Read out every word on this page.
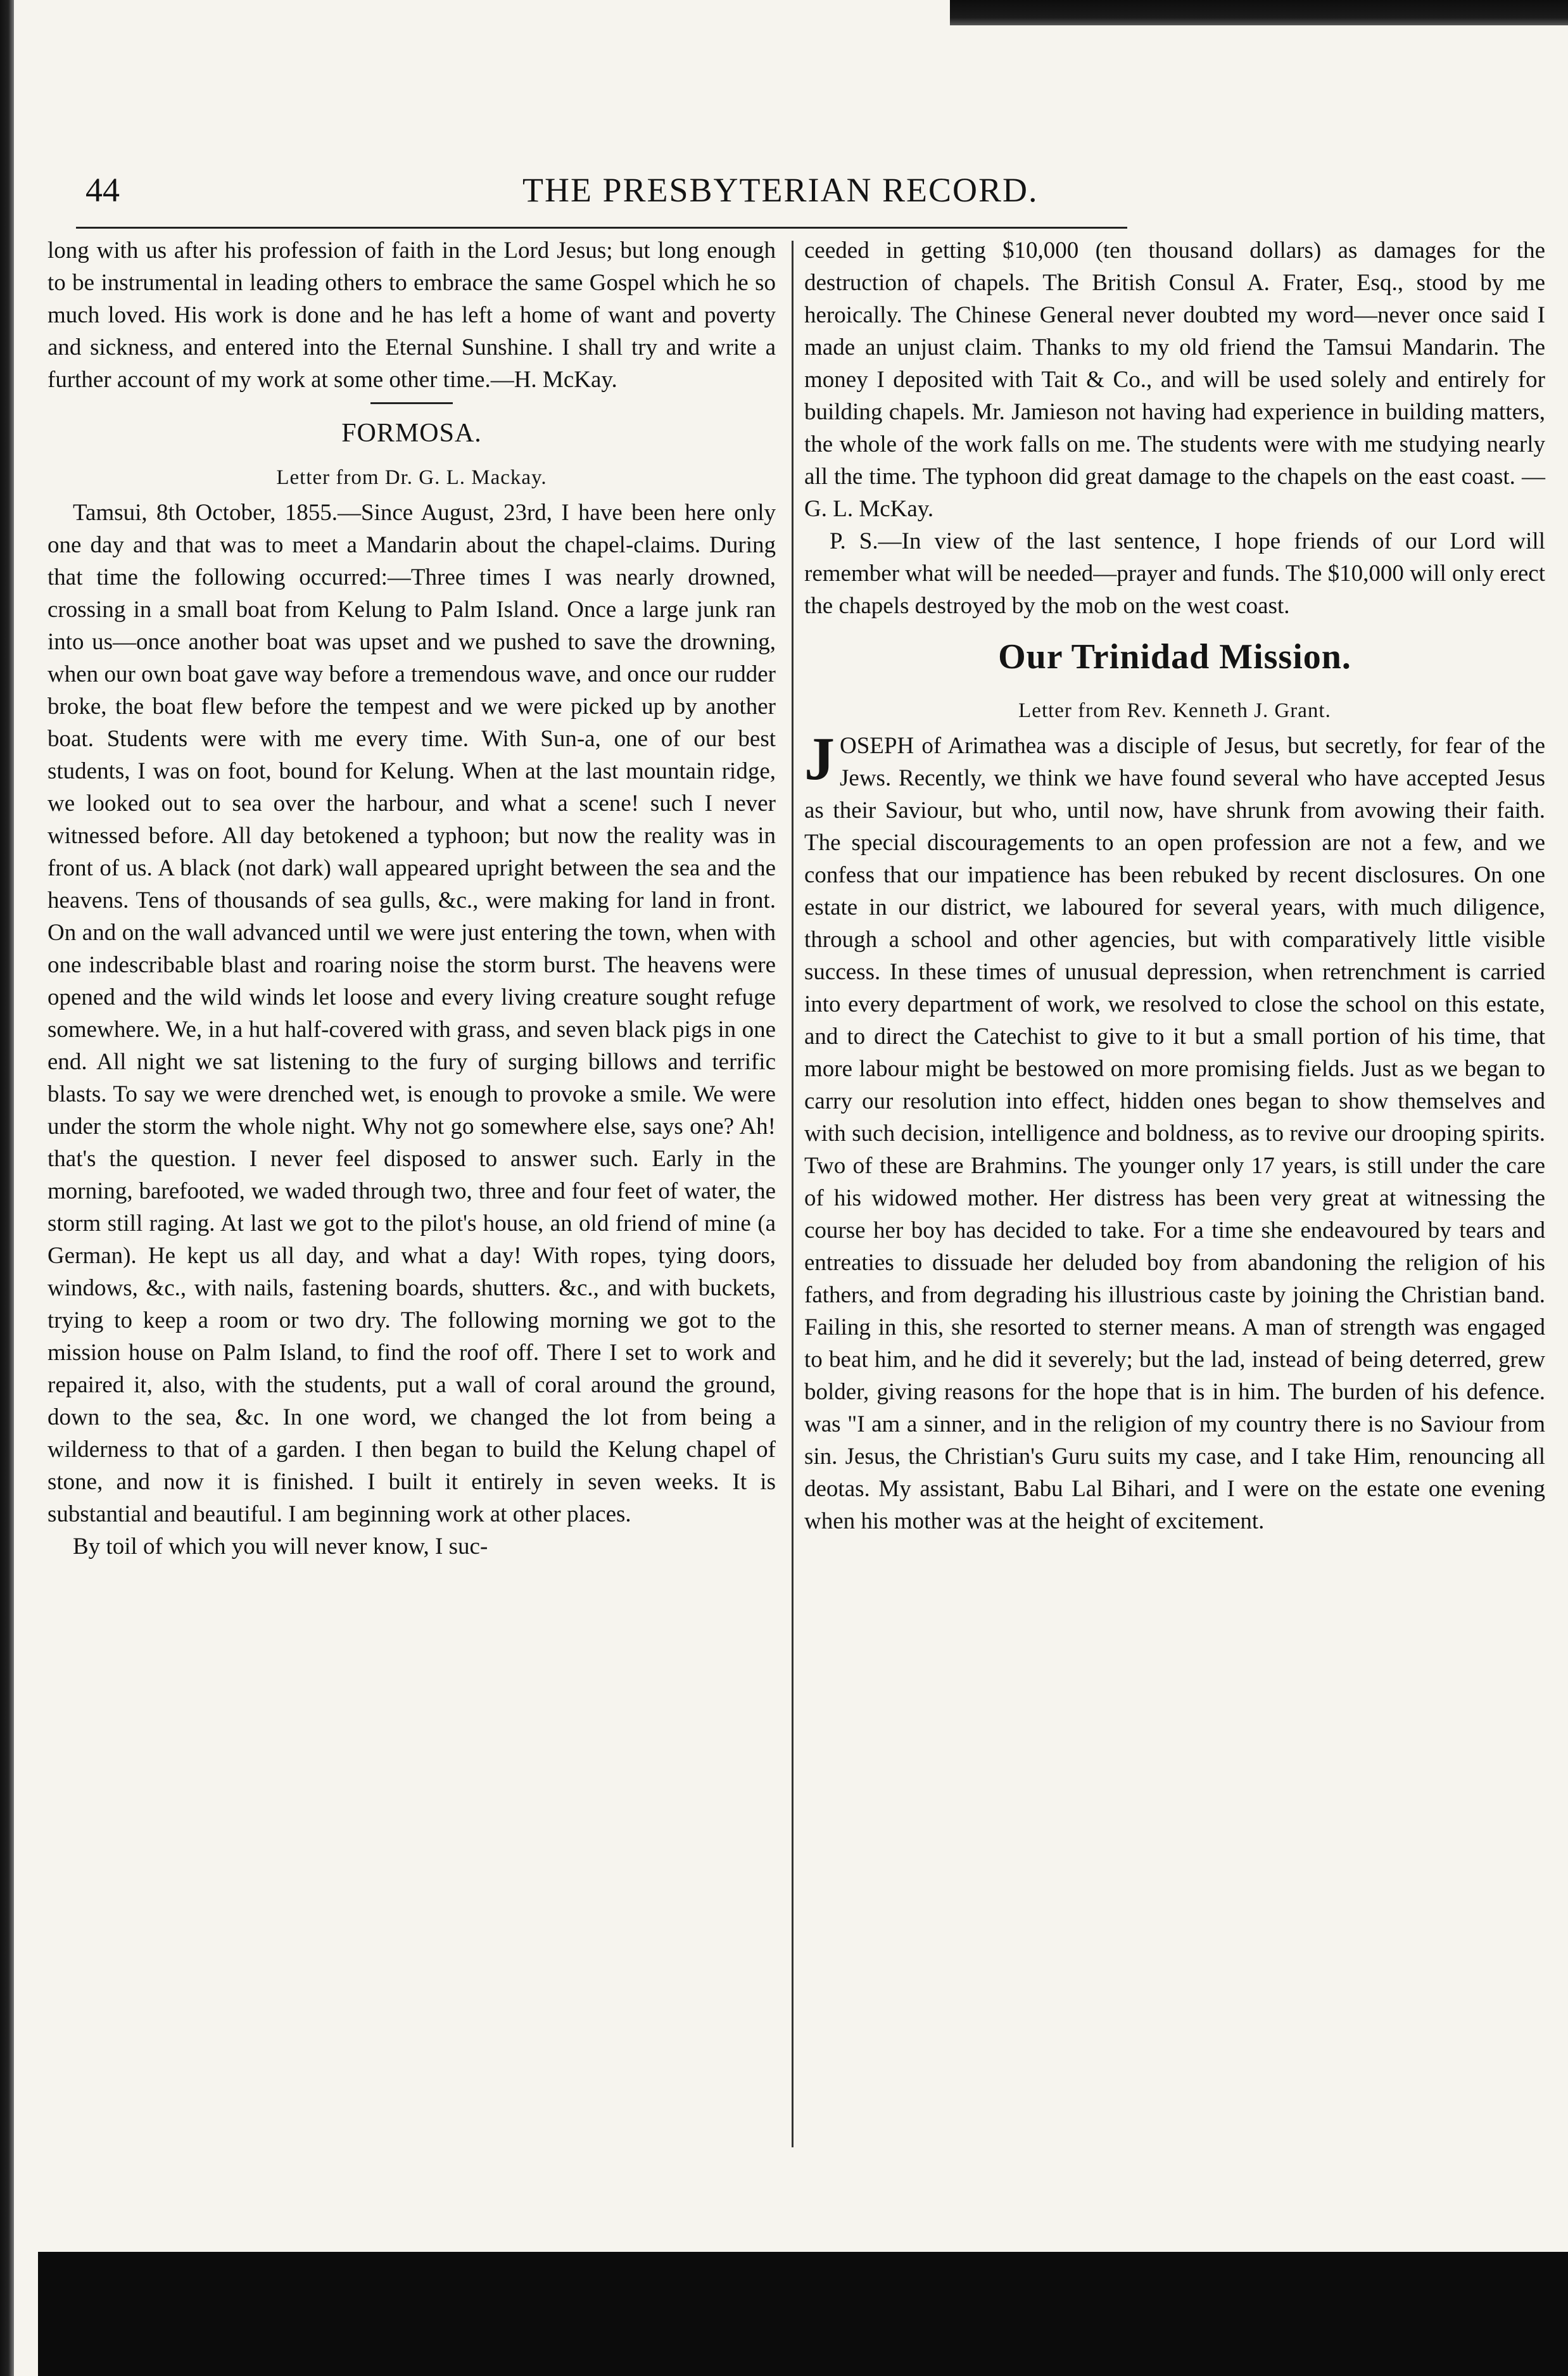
44	THE PRESBYTERIAN RECORD.

long with us after his profession of faith in the Lord Jesus; but long enough to be instrumental in leading others to embrace the same Gospel which he so much loved. His work is done and he has left a home of want and poverty and sickness, and entered into the Eternal Sunshine. I shall try and write a further account of my work at some other time.—H. McKay.

FORMOSA.

Letter from Dr. G. L. Mackay.

Tamsui, 8th October, 1855.—Since August, 23rd, I have been here only one day and that was to meet a Mandarin about the chapel-claims. During that time the following occurred:—Three times I was nearly drowned, crossing in a small boat from Kelung to Palm Island. Once a large junk ran into us—once another boat was upset and we pushed to save the drowning, when our own boat gave way before a tremendous wave, and once our rudder broke, the boat flew before the tempest and we were picked up by another boat. Students were with me every time. With Sun-a, one of our best students, I was on foot, bound for Kelung. When at the last mountain ridge, we looked out to sea over the harbour, and what a scene! such I never witnessed before. All day betokened a typhoon; but now the reality was in front of us. A black (not dark) wall appeared upright between the sea and the heavens. Tens of thousands of sea gulls, &c., were making for land in front. On and on the wall advanced until we were just entering the town, when with one indescribable blast and roaring noise the storm burst. The heavens were opened and the wild winds let loose and every living creature sought refuge somewhere. We, in a hut half-covered with grass, and seven black pigs in one end. All night we sat listening to the fury of surging billows and terrific blasts. To say we were drenched wet, is enough to provoke a smile. We were under the storm the whole night. Why not go somewhere else, says one? Ah! that's the question. I never feel disposed to answer such. Early in the morning, barefooted, we waded through two, three and four feet of water, the storm still raging. At last we got to the pilot's house, an old friend of mine (a German). He kept us all day, and what a day! With ropes, tying doors, windows, &c., with nails, fastening boards, shutters. &c., and with buckets, trying to keep a room or two dry. The following morning we got to the mission house on Palm Island, to find the roof off. There I set to work and repaired it, also, with the students, put a wall of coral around the ground, down to the sea, &c. In one word, we changed the lot from being a wilderness to that of a garden. I then began to build the Kelung chapel of stone, and now it is finished. I built it entirely in seven weeks. It is substantial and beautiful. I am beginning work at other places.

By toil of which you will never know, I suc-

ceeded in getting $10,000 (ten thousand dollars) as damages for the destruction of chapels. The British Consul A. Frater, Esq., stood by me heroically. The Chinese General never doubted my word—never once said I made an unjust claim. Thanks to my old friend the Tamsui Mandarin. The money I deposited with Tait & Co., and will be used solely and entirely for building chapels. Mr. Jamieson not having had experience in building matters, the whole of the work falls on me. The students were with me studying nearly all the time. The typhoon did great damage to the chapels on the east coast. —G. L. McKay.

P. S.—In view of the last sentence, I hope friends of our Lord will remember what will be needed—prayer and funds. The $10,000 will only erect the chapels destroyed by the mob on the west coast.

Our Trinidad Mission.

Letter from Rev. Kenneth J. Grant.

JOSEPH of Arimathea was a disciple of Jesus, but secretly, for fear of the Jews. Recently, we think we have found several who have accepted Jesus as their Saviour, but who, until now, have shrunk from avowing their faith. The special discouragements to an open profession are not a few, and we confess that our impatience has been rebuked by recent disclosures. On one estate in our district, we laboured for several years, with much diligence, through a school and other agencies, but with comparatively little visible success. In these times of unusual depression, when retrenchment is carried into every department of work, we resolved to close the school on this estate, and to direct the Catechist to give to it but a small portion of his time, that more labour might be bestowed on more promising fields. Just as we began to carry our resolution into effect, hidden ones began to show themselves and with such decision, intelligence and boldness, as to revive our drooping spirits. Two of these are Brahmins. The younger only 17 years, is still under the care of his widowed mother. Her distress has been very great at witnessing the course her boy has decided to take. For a time she endeavoured by tears and entreaties to dissuade her deluded boy from abandoning the religion of his fathers, and from degrading his illustrious caste by joining the Christian band. Failing in this, she resorted to sterner means. A man of strength was engaged to beat him, and he did it severely; but the lad, instead of being deterred, grew bolder, giving reasons for the hope that is in him. The burden of his defence. was "I am a sinner, and in the religion of my country there is no Saviour from sin. Jesus, the Christian's Guru suits my case, and I take Him, renouncing all deotas. My assistant, Babu Lal Bihari, and I were on the estate one evening when his mother was at the height of excitement.
